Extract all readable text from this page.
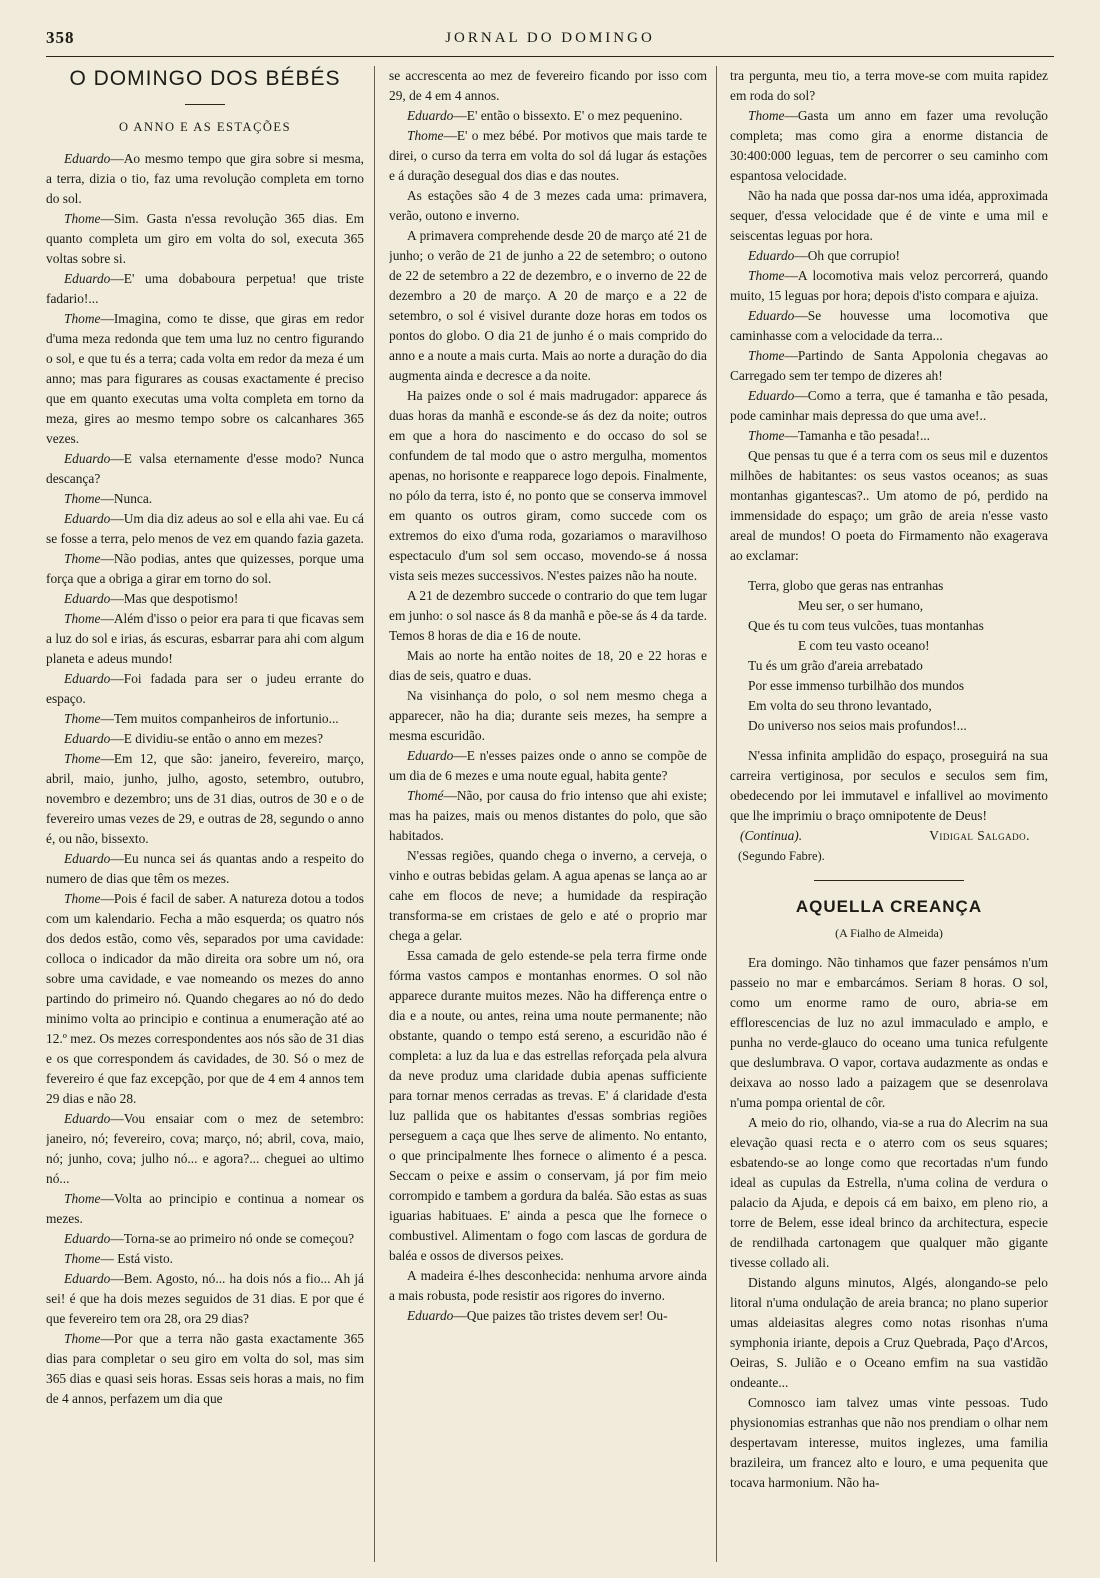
358	JORNAL DO DOMINGO
O DOMINGO DOS BÉBÉS
O ANNO E AS ESTAÇÕES

Eduardo—Ao mesmo tempo que gira sobre si mesma, a terra, dizia o tio, faz uma revolução completa em torno do sol.

Thome—Sim. Gasta n'essa revolução 365 dias. Em quanto completa um giro em volta do sol, executa 365 voltas sobre si.

Eduardo—E' uma dobaboura perpetua! que triste fadario!...

Thome—Imagina, como te disse, que giras em redor d'uma meza redonda que tem uma luz no centro figurando o sol, e que tu és a terra; cada volta em redor da meza é um anno; mas para figurares as cousas exactamente é preciso que em quanto executas uma volta completa em torno da meza, gires ao mesmo tempo sobre os calcanhares 365 vezes.

Eduardo—E valsa eternamente d'esse modo? Nunca descança?

Thome—Nunca.

Eduardo—Um dia diz adeus ao sol e ella ahi vae. Eu cá se fosse a terra, pelo menos de vez em quando fazia gazeta.

Thome—Não podias, antes que quizesses, porque uma força que a obriga a girar em torno do sol.

Eduardo—Mas que despotismo!

Thome—Além d'isso o peior era para ti que ficavas sem a luz do sol e irias, ás escuras, esbarrar para ahi com algum planeta e adeus mundo!

Eduardo—Foi fadada para ser o judeu errante do espaço.

Thome—Tem muitos companheiros de infortunio...

Eduardo—E dividiu-se então o anno em mezes?

Thome—Em 12, que são: janeiro, fevereiro, março, abril, maio, junho, julho, agosto, setembro, outubro, novembro e dezembro; uns de 31 dias, outros de 30 e o de fevereiro umas vezes de 29, e outras de 28, segundo o anno é, ou não, bissexto.

Eduardo—Eu nunca sei ás quantas ando a respeito do numero de dias que têm os mezes.

Thome—Pois é facil de saber. A natureza dotou a todos com um kalendario. Fecha a mão esquerda; os quatro nós dos dedos estão, como vês, separados por uma cavidade: colloca o indicador da mão direita ora sobre um nó, ora sobre uma cavidade, e vae nomeando os mezes do anno partindo do primeiro nó. Quando chegares ao nó do dedo minimo volta ao principio e continua a enumeração até ao 12.º mez. Os mezes correspondentes aos nós são de 31 dias e os que correspondem ás cavidades, de 30. Só o mez de fevereiro é que faz excepção, por que de 4 em 4 annos tem 29 dias e não 28.

Eduardo—Vou ensaiar com o mez de setembro: janeiro, nó; fevereiro, cova; março, nó; abril, cova, maio, nó; junho, cova; julho nó... e agora?... cheguei ao ultimo nó...

Thome—Volta ao principio e continua a nomear os mezes.

Eduardo—Torna-se ao primeiro nó onde se começou?

Thome— Está visto.

Eduardo—Bem. Agosto, nó... ha dois nós a fio... Ah já sei! é que ha dois mezes seguidos de 31 dias. E por que é que fevereiro tem ora 28, ora 29 dias?

Thome—Por que a terra não gasta exactamente 365 dias para completar o seu giro em volta do sol, mas sim 365 dias e quasi seis horas. Essas seis horas a mais, no fim de 4 annos, perfazem um dia que

se accrescenta ao mez de fevereiro ficando por isso com 29, de 4 em 4 annos.

Eduardo—E' então o bissexto. E' o mez pequenino.

Thome—E' o mez bébé. Por motivos que mais tarde te direi, o curso da terra em volta do sol dá lugar ás estações e á duração desegual dos dias e das noutes.

As estações são 4 de 3 mezes cada uma: primavera, verão, outono e inverno.

A primavera comprehende desde 20 de março até 21 de junho; o verão de 21 de junho a 22 de setembro; o outono de 22 de setembro a 22 de dezembro, e o inverno de 22 de dezembro a 20 de março. A 20 de março e a 22 de setembro, o sol é visivel durante doze horas em todos os pontos do globo. O dia 21 de junho é o mais comprido do anno e a noute a mais curta. Mais ao norte a duração do dia augmenta ainda e decresce a da noite.

Ha paizes onde o sol é mais madrugador: apparece ás duas horas da manhã e esconde-se ás dez da noite; outros em que a hora do nascimento e do occaso do sol se confundem de tal modo que o astro mergulha, momentos apenas, no horisonte e reapparece logo depois. Finalmente, no pólo da terra, isto é, no ponto que se conserva immovel em quanto os outros giram, como succede com os extremos do eixo d'uma roda, gozariamos o maravilhoso espectaculo d'um sol sem occaso, movendo-se á nossa vista seis mezes successivos. N'estes paizes não ha noute.

A 21 de dezembro succede o contrario do que tem lugar em junho: o sol nasce ás 8 da manhã e põe-se ás 4 da tarde. Temos 8 horas de dia e 16 de noute.

Mais ao norte ha então noites de 18, 20 e 22 horas e dias de seis, quatro e duas.

Na visinhança do polo, o sol nem mesmo chega a apparecer, não ha dia; durante seis mezes, ha sempre a mesma escuridão.

Eduardo—E n'esses paizes onde o anno se compõe de um dia de 6 mezes e uma noute egual, habita gente?

Thomé—Não, por causa do frio intenso que ahi existe; mas ha paizes, mais ou menos distantes do polo, que são habitados.

N'essas regiões, quando chega o inverno, a cerveja, o vinho e outras bebidas gelam. A agua apenas se lança ao ar cahe em flocos de neve; a humidade da respiração transforma-se em cristaes de gelo e até o proprio mar chega a gelar.

Essa camada de gelo estende-se pela terra firme onde fórma vastos campos e montanhas enormes. O sol não apparece durante muitos mezes. Não ha differença entre o dia e a noute, ou antes, reina uma noute permanente; não obstante, quando o tempo está sereno, a escuridão não é completa: a luz da lua e das estrellas reforçada pela alvura da neve produz uma claridade dubia apenas sufficiente para tornar menos cerradas as trevas. E' á claridade d'esta luz pallida que os habitantes d'essas sombrias regiões perseguem a caça que lhes serve de alimento. No entanto, o que principalmente lhes fornece o alimento é a pesca. Seccam o peixe e assim o conservam, já por fim meio corrompido e tambem a gordura da baléa. São estas as suas iguarias habituaes. E' ainda a pesca que lhe fornece o combustivel. Alimentam o fogo com lascas de gordura de baléa e ossos de diversos peixes.

A madeira é-lhes desconhecida: nenhuma arvore ainda a mais robusta, pode resistir aos rigores do inverno.

Eduardo—Que paizes tão tristes devem ser! Ou-

tra pergunta, meu tio, a terra move-se com muita rapidez em roda do sol?

Thome—Gasta um anno em fazer uma revolução completa; mas como gira a enorme distancia de 30:400:000 leguas, tem de percorrer o seu caminho com espantosa velocidade.

Não ha nada que possa dar-nos uma idéa, approximada sequer, d'essa velocidade que é de vinte e uma mil e seiscentas leguas por hora.

Eduardo—Oh que corrupio!

Thome—A locomotiva mais veloz percorrerá, quando muito, 15 leguas por hora; depois d'isto compara e ajuiza.

Eduardo—Se houvesse uma locomotiva que caminhasse com a velocidade da terra...

Thome—Partindo de Santa Appolonia chegavas ao Carregado sem ter tempo de dizeres ah!

Eduardo—Como a terra, que é tamanha e tão pesada, pode caminhar mais depressa do que uma ave!..

Thome—Tamanha e tão pesada!...

Que pensas tu que é a terra com os seus mil e duzentos milhões de habitantes: os seus vastos oceanos; as suas montanhas gigantescas?.. Um atomo de pó, perdido na immensidade do espaço; um grão de areia n'esse vasto areal de mundos! O poeta do Firmamento não exagerava ao exclamar:

Terra, globo que geras nas entranhas
Meu ser, o ser humano,
Que és tu com teus vulcões, tuas montanhas
E com teu vasto oceano!
Tu és um grão d'areia arrebatado
Por esse immenso turbilhão dos mundos
Em volta do seu throno levantado,
Do universo nos seios mais profundos!...

N'essa infinita amplidão do espaço, proseguirá na sua carreira vertiginosa, por seculos e seculos sem fim, obedecendo por lei immutavel e infallivel ao movimento que lhe imprimiu o braço omnipotente de Deus!

(Continua).	Vidigal Salgado.
(Segundo Fabre).
AQUELLA CREANÇA
(A Fialho de Almeida)

Era domingo. Não tinhamos que fazer pensámos n'um passeio no mar e embarcámos. Seriam 8 horas. O sol, como um enorme ramo de ouro, abria-se em efflorescencias de luz no azul immaculado e amplo, e punha no verde-glauco do oceano uma tunica refulgente que deslumbrava. O vapor, cortava audazmente as ondas e deixava ao nosso lado a paizagem que se desenrolava n'uma pompa oriental de côr.

A meio do rio, olhando, via-se a rua do Alecrim na sua elevação quasi recta e o aterro com os seus squares; esbatendo-se ao longe como que recortadas n'um fundo ideal as cupulas da Estrella, n'uma colina de verdura o palacio da Ajuda, e depois cá em baixo, em pleno rio, a torre de Belem, esse ideal brinco da architectura, especie de rendilhada cartonagem que qualquer mão gigante tivesse collado ali.

Distando alguns minutos, Algés, alongando-se pelo litoral n'uma ondulação de areia branca; no plano superior umas aldeiasitas alegres como notas risonhas n'uma symphonia iriante, depois a Cruz Quebrada, Paço d'Arcos, Oeiras, S. Julião e o Oceano emfim na sua vastidão ondeante...

Comnosco iam talvez umas vinte pessoas. Tudo physionomias estranhas que não nos prendiam o olhar nem despertavam interesse, muitos inglezes, uma familia brazileira, um francez alto e louro, e uma pequenita que tocava harmonium. Não ha-
